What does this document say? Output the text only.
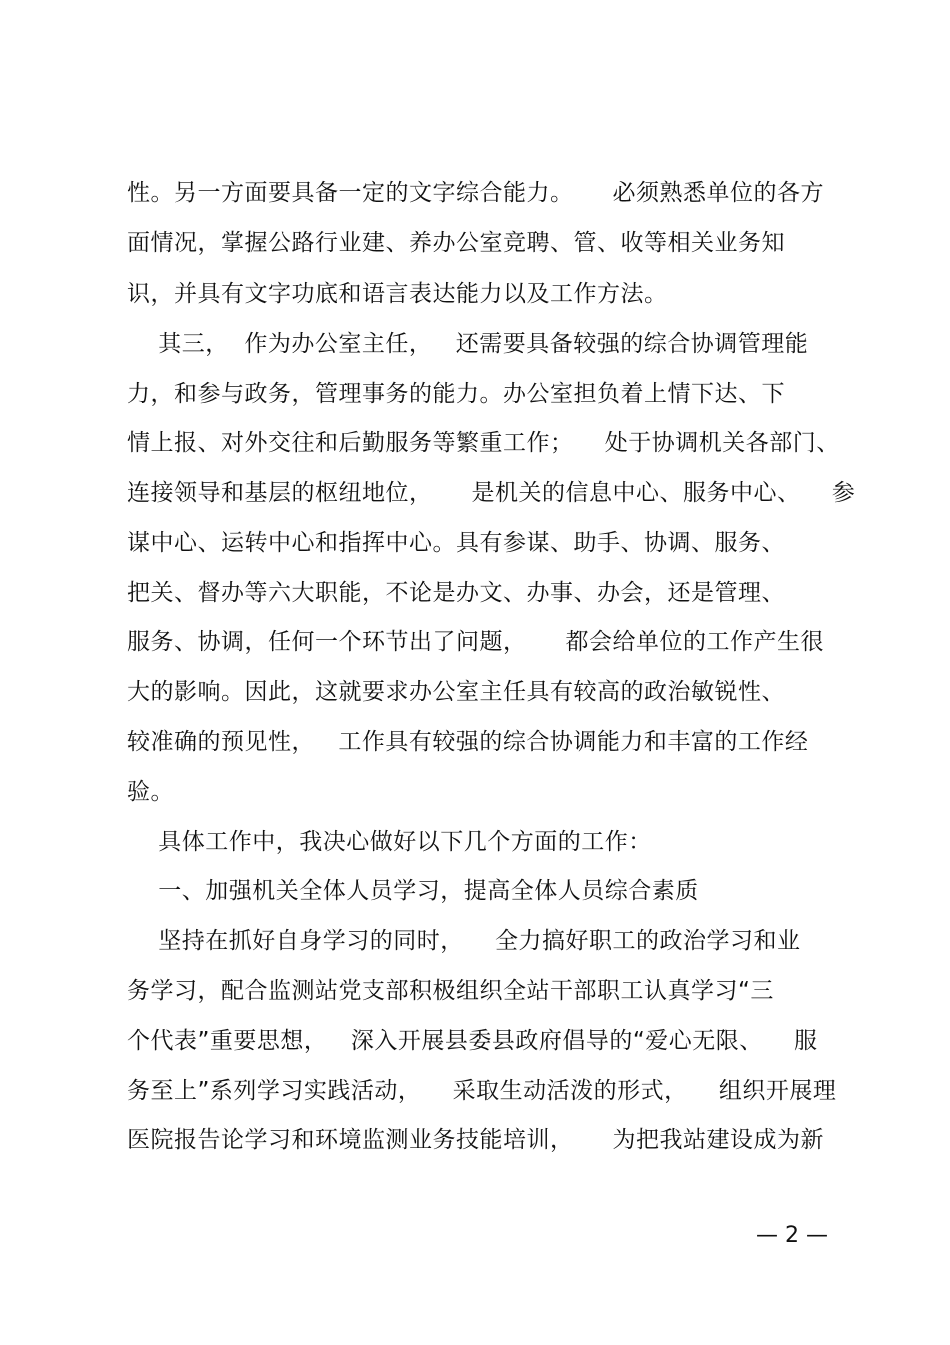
性。另一方面要具备一定的文字综合能力。     必须熟悉单位的各方
面情况，掌握公路行业建、养办公室竞聘、管、收等相关业务知
识，并具有文字功底和语言表达能力以及工作方法。
其三，  作为办公室主任，   还需要具备较强的综合协调管理能
力，和参与政务，管理事务的能力。办公室担负着上情下达、下
情上报、对外交往和后勤服务等繁重工作；    处于协调机关各部门、
连接领导和基层的枢纽地位，     是机关的信息中心、服务中心、    参
谋中心、运转中心和指挥中心。具有参谋、助手、协调、服务、
把关、督办等六大职能，不论是办文、办事、办会，还是管理、
服务、协调，任何一个环节出了问题，     都会给单位的工作产生很
大的影响。因此，这就要求办公室主任具有较高的政治敏锐性、
较准确的预见性，   工作具有较强的综合协调能力和丰富的工作经
验。
具体工作中，我决心做好以下几个方面的工作：
一、加强机关全体人员学习，提高全体人员综合素质
坚持在抓好自身学习的同时，    全力搞好职工的政治学习和业
务学习，配合监测站党支部积极组织全站干部职工认真学习“三
个代表”重要思想，   深入开展县委县政府倡导的“爱心无限、    服
务至上”系列学习实践活动，    采取生动活泼的形式，    组织开展理
医院报告论学习和环境监测业务技能培训，     为把我站建设成为新
— 2 —
